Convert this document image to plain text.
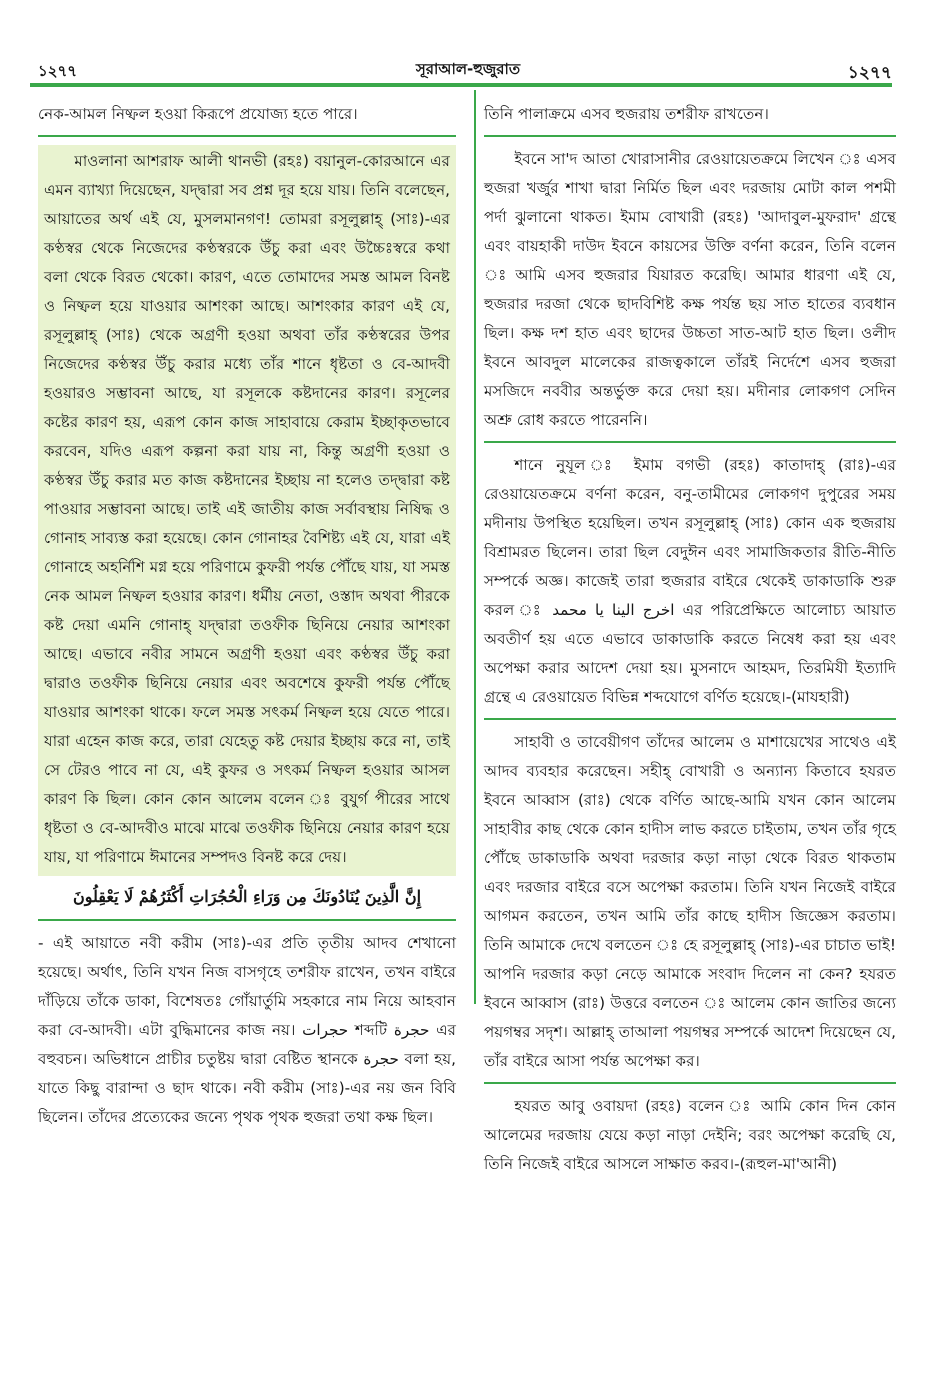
১২৭৭	সূরাআল-হুজুরাত	১২৭৭

নেক-আমল নিষ্ফল হওয়া কিরূপে প্রযোজ্য হতে পারে।

মাওলানা আশরাফ আলী থানভী (রহঃ) বয়ানুল-কোরআনে এর এমন ব্যাখ্যা দিয়েছেন, যদ্দ্বারা সব প্রশ্ন দূর হয়ে যায়। তিনি বলেছেন, আয়াতের অর্থ এই যে, মুসলমানগণ! তোমরা রসূলুল্লাহ্ (সাঃ)-এর কণ্ঠস্বর থেকে নিজেদের কণ্ঠস্বরকে উঁচু করা এবং উচ্চৈঃস্বরে কথা বলা থেকে বিরত থেকো। কারণ, এতে তোমাদের সমস্ত আমল বিনষ্ট ও নিষ্ফল হয়ে যাওয়ার আশংকা আছে। আশংকার কারণ এই যে, রসূলুল্লাহ্ (সাঃ) থেকে অগ্রণী হওয়া অথবা তাঁর কণ্ঠস্বরের উপর নিজেদের কণ্ঠস্বর উঁচু করার মধ্যে তাঁর শানে ধৃষ্টতা ও বে-আদবী হওয়ারও সম্ভাবনা আছে, যা রসূলকে কষ্টদানের কারণ। রসূলের কষ্টের কারণ হয়, এরূপ কোন কাজ সাহাবায়ে কেরাম ইচ্ছাকৃতভাবে করবেন, যদিও এরূপ কল্পনা করা যায় না, কিন্তু অগ্রণী হওয়া ও কণ্ঠস্বর উঁচু করার মত কাজ কষ্টদানের ইচ্ছায় না হলেও তদ্দ্বারা কষ্ট পাওয়ার সম্ভাবনা আছে। তাই এই জাতীয় কাজ সর্বাবস্থায় নিষিদ্ধ ও গোনাহ সাব্যস্ত করা হয়েছে। কোন গোনাহর বৈশিষ্ট্য এই যে, যারা এই গোনাহে অহর্নিশি মগ্ন হয়ে পরিণামে কুফরী পর্যন্ত পৌঁছে যায়, যা সমস্ত নেক আমল নিষ্ফল হওয়ার কারণ। ধর্মীয় নেতা, ওস্তাদ অথবা পীরকে কষ্ট দেয়া এমনি গোনাহ্ যদ্দ্বারা তওফীক ছিনিয়ে নেয়ার আশংকা আছে। এভাবে নবীর সামনে অগ্রণী হওয়া এবং কণ্ঠস্বর উঁচু করা দ্বারাও তওফীক ছিনিয়ে নেয়ার এবং অবশেষে কুফরী পর্যন্ত পৌঁছে যাওয়ার আশংকা থাকে। ফলে সমস্ত সৎকর্ম নিষ্ফল হয়ে যেতে পারে। যারা এহেন কাজ করে, তারা যেহেতু কষ্ট দেয়ার ইচ্ছায় করে না, তাই সে টেরও পাবে না যে, এই কুফর ও সৎকর্ম নিষ্ফল হওয়ার আসল কারণ কি ছিল। কোন কোন আলেম বলেন ঃ বুযুর্গ পীরের সাথে ধৃষ্টতা ও বে-আদবীও মাঝে মাঝে তওফীক ছিনিয়ে নেয়ার কারণ হয়ে যায়, যা পরিণামে ঈমানের সম্পদও বিনষ্ট করে দেয়।

إِنَّ الَّذِينَ يُنَادُونَكَ مِن وَرَاءِ الْحُجُرَاتِ أَكْثَرُهُمْ لَا يَعْقِلُونَ

- এই আয়াতে নবী করীম (সাঃ)-এর প্রতি তৃতীয় আদব শেখানো হয়েছে। অর্থাৎ, তিনি যখন নিজ বাসগৃহে তশরীফ রাখেন, তখন বাইরে দাঁড়িয়ে তাঁকে ডাকা, বিশেষতঃ গোঁয়ার্তুমি সহকারে নাম নিয়ে আহবান করা বে-আদবী। এটা বুদ্ধিমানের কাজ নয়। حجرات শব্দটি حجرة এর বহুবচন। অভিধানে প্রাচীর চতুষ্টয় দ্বারা বেষ্টিত স্থানকে حجرة বলা হয়, যাতে কিছু বারান্দা ও ছাদ থাকে। নবী করীম (সাঃ)-এর নয় জন বিবি ছিলেন। তাঁদের প্রত্যেকের জন্যে পৃথক পৃথক হুজরা তথা কক্ষ ছিল।

তিনি পালাক্রমে এসব হুজরায় তশরীফ রাখতেন।

ইবনে সা'দ আতা খোরাসানীর রেওয়ায়েতক্রমে লিখেন ঃ এসব হুজরা খর্জুর শাখা দ্বারা নির্মিত ছিল এবং দরজায় মোটা কাল পশমী পর্দা ঝুলানো থাকত। ইমাম বোখারী (রহঃ) 'আদাবুল-মুফরাদ' গ্রন্থে এবং বায়হাকী দাউদ ইবনে কায়সের উক্তি বর্ণনা করেন, তিনি বলেন ঃ আমি এসব হুজরার যিয়ারত করেছি। আমার ধারণা এই যে, হুজরার দরজা থেকে ছাদবিশিষ্ট কক্ষ পর্যন্ত ছয় সাত হাতের ব্যবধান ছিল। কক্ষ দশ হাত এবং ছাদের উচ্চতা সাত-আট হাত ছিল। ওলীদ ইবনে আবদুল মালেকের রাজত্বকালে তাঁরই নির্দেশে এসব হুজরা মসজিদে নববীর অন্তর্ভুক্ত করে দেয়া হয়। মদীনার লোকগণ সেদিন অশ্রু রোধ করতে পারেননি।

শানে নুযূল ঃ ইমাম বগভী (রহঃ) কাতাদাহ্ (রাঃ)-এর রেওয়ায়েতক্রমে বর্ণনা করেন, বনু-তামীমের লোকগণ দুপুরের সময় মদীনায় উপস্থিত হয়েছিল। তখন রসূলুল্লাহ্ (সাঃ) কোন এক হুজরায় বিশ্রামরত ছিলেন। তারা ছিল বেদুঈন এবং সামাজিকতার রীতি-নীতি সম্পর্কে অজ্ঞ। কাজেই তারা হুজরার বাইরে থেকেই ডাকাডাকি শুরু করল ঃ اخرج الينا يا محمد এর পরিপ্রেক্ষিতে আলোচ্য আয়াত অবতীর্ণ হয় এতে এভাবে ডাকাডাকি করতে নিষেধ করা হয় এবং অপেক্ষা করার আদেশ দেয়া হয়। মুসনাদে আহমদ, তিরমিযী ইত্যাদি গ্রন্থে এ রেওয়ায়েত বিভিন্ন শব্দযোগে বর্ণিত হয়েছে।-(মাযহারী)

সাহাবী ও তাবেয়ীগণ তাঁদের আলেম ও মাশায়েখের সাথেও এই আদব ব্যবহার করেছেন। সহীহ্ বোখারী ও অন্যান্য কিতাবে হযরত ইবনে আব্বাস (রাঃ) থেকে বর্ণিত আছে-আমি যখন কোন আলেম সাহাবীর কাছ থেকে কোন হাদীস লাভ করতে চাইতাম, তখন তাঁর গৃহে পৌঁছে ডাকাডাকি অথবা দরজার কড়া নাড়া থেকে বিরত থাকতাম এবং দরজার বাইরে বসে অপেক্ষা করতাম। তিনি যখন নিজেই বাইরে আগমন করতেন, তখন আমি তাঁর কাছে হাদীস জিজ্ঞেস করতাম। তিনি আমাকে দেখে বলতেন ঃ হে রসূলুল্লাহ্ (সাঃ)-এর চাচাত ভাই! আপনি দরজার কড়া নেড়ে আমাকে সংবাদ দিলেন না কেন? হযরত ইবনে আব্বাস (রাঃ) উত্তরে বলতেন ঃ আলেম কোন জাতির জন্যে পয়গম্বর সদৃশ। আল্লাহ্ তাআলা পয়গম্বর সম্পর্কে আদেশ দিয়েছেন যে, তাঁর বাইরে আসা পর্যন্ত অপেক্ষা কর।

হযরত আবু ওবায়দা (রহঃ) বলেন ঃ আমি কোন দিন কোন আলেমের দরজায় যেয়ে কড়া নাড়া দেইনি; বরং অপেক্ষা করেছি যে, তিনি নিজেই বাইরে আসলে সাক্ষাত করব।-(রূহুল-মা'আনী)
